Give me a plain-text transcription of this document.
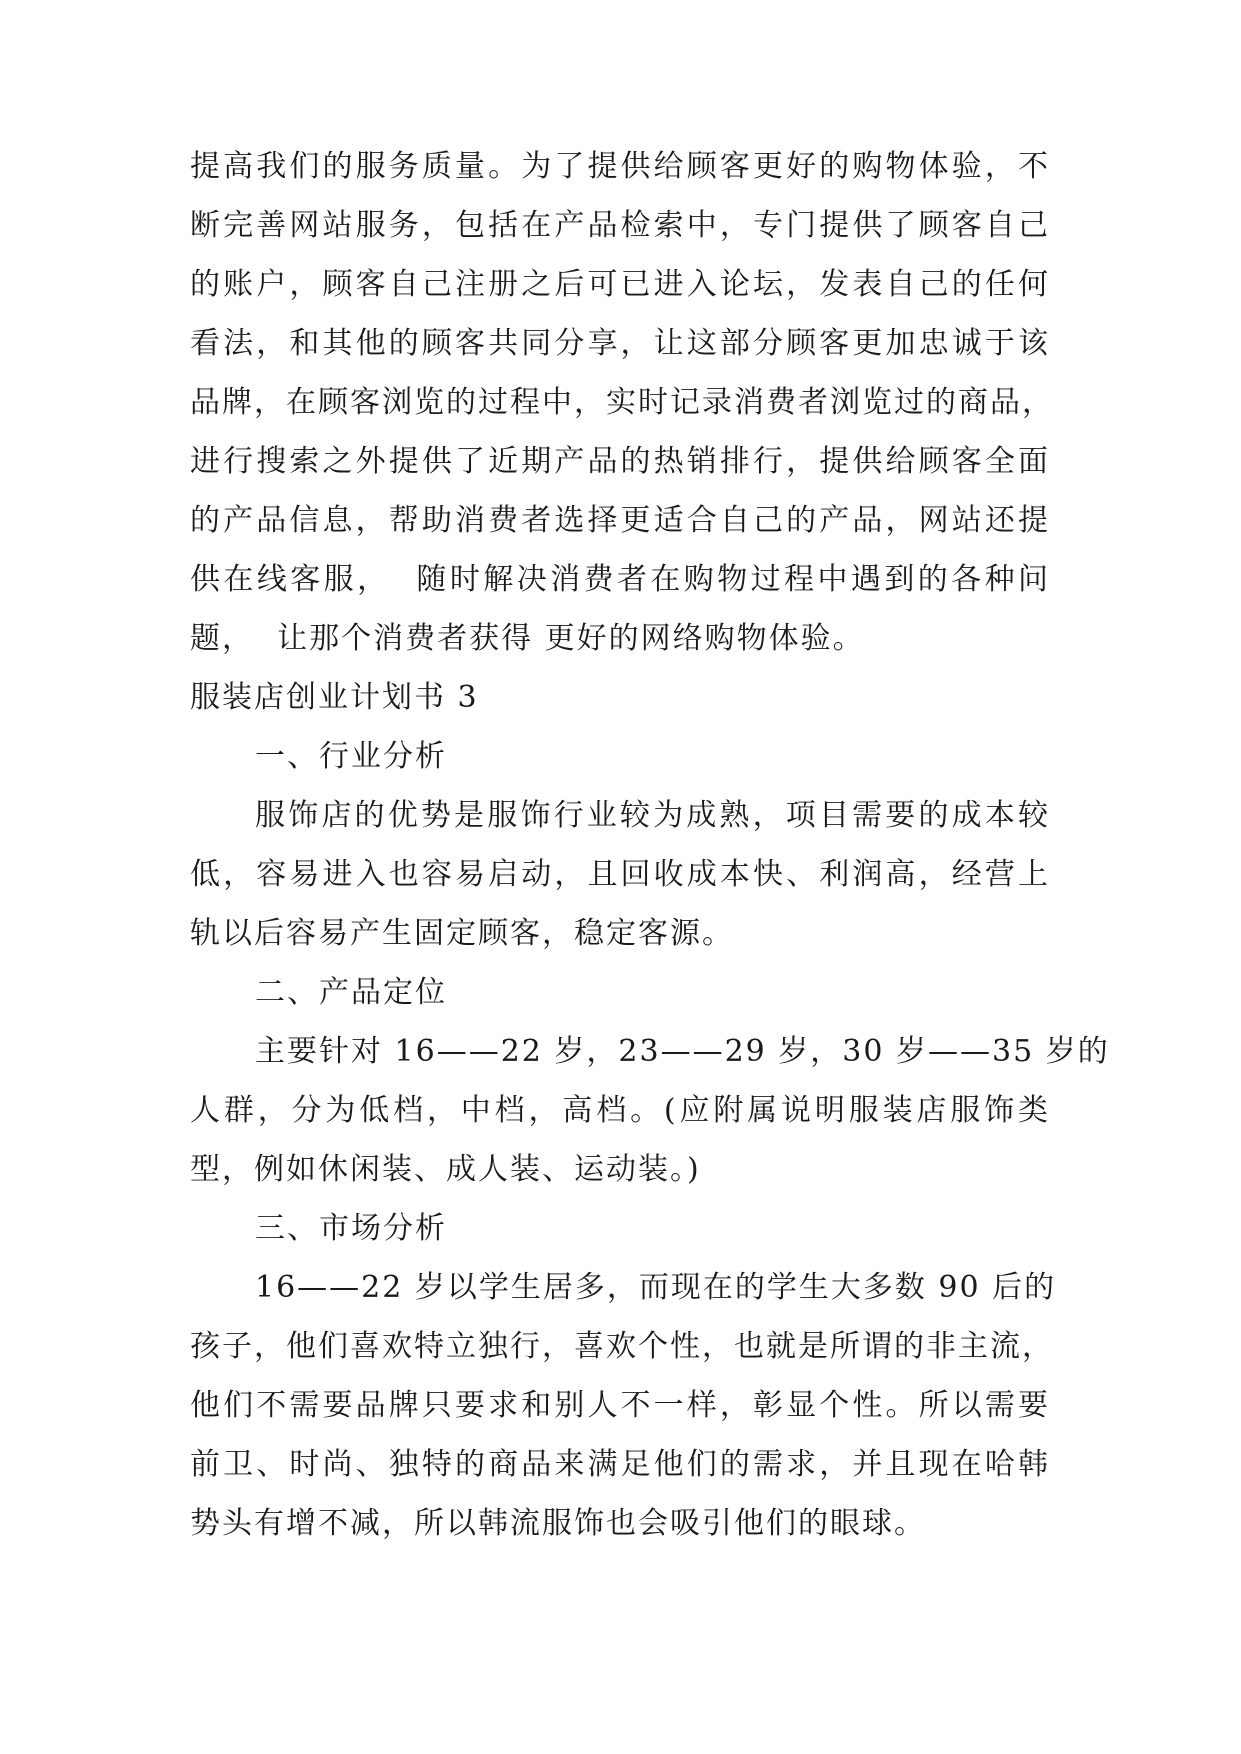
提高我们的服务质量。为了提供给顾客更好的购物体验，不
断完善网站服务，包括在产品检索中，专门提供了顾客自己
的账户，顾客自己注册之后可已进入论坛，发表自己的任何
看法，和其他的顾客共同分享，让这部分顾客更加忠诚于该
品牌，在顾客浏览的过程中，实时记录消费者浏览过的商品，
进行搜索之外提供了近期产品的热销排行，提供给顾客全面
的产品信息，帮助消费者选择更适合自己的产品，网站还提
供在线客服，  随时解决消费者在购物过程中遇到的各种问
题，  让那个消费者获得 更好的网络购物体验。
服装店创业计划书 3
一、行业分析
服饰店的优势是服饰行业较为成熟，项目需要的成本较
低，容易进入也容易启动，且回收成本快、利润高，经营上
轨以后容易产生固定顾客，稳定客源。
二、产品定位
主要针对 16——22 岁，23——29 岁，30 岁——35 岁的
人群，分为低档，中档，高档。(应附属说明服装店服饰类
型，例如休闲装、成人装、运动装。)
三、市场分析
16——22 岁以学生居多，而现在的学生大多数 90 后的
孩子，他们喜欢特立独行，喜欢个性，也就是所谓的非主流，
他们不需要品牌只要求和别人不一样，彰显个性。所以需要
前卫、时尚、独特的商品来满足他们的需求，并且现在哈韩
势头有增不减，所以韩流服饰也会吸引他们的眼球。
